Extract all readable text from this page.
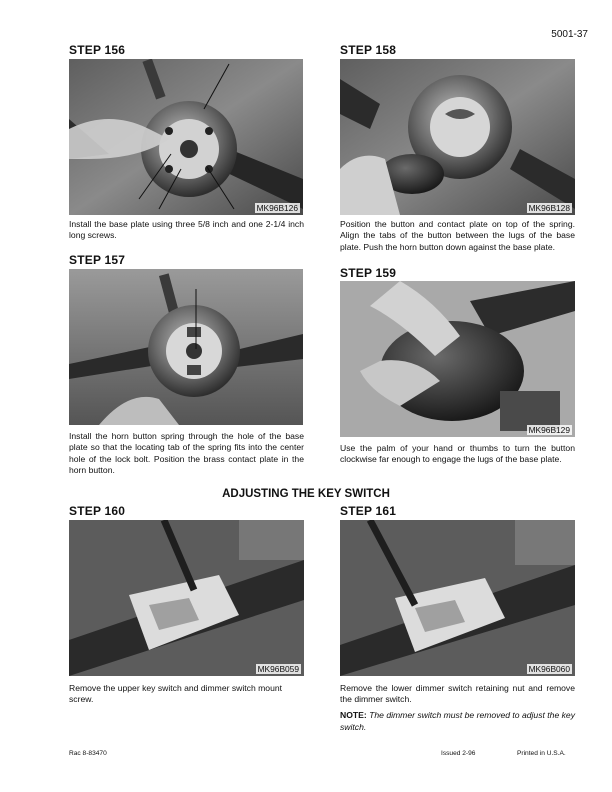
5001-37
STEP 156
MK96B126
Install the base plate using three 5/8 inch and one 2-1/4 inch long screws.
STEP 157
Install the horn button spring through the hole of the base plate so that the locating tab of the spring fits into the center hole of the lock bolt. Position the brass contact plate in the horn button.
STEP 158
MK96B128
Position the button and contact plate on top of the spring. Align the tabs of the button between the lugs of the base plate. Push the horn button down against the base plate.
STEP 159
MK96B129
Use the palm of your hand or thumbs to turn the button clockwise far enough to engage the lugs of the base plate.
ADJUSTING THE KEY SWITCH
STEP 160
MK96B059
Remove the upper key switch and dimmer switch mount screw.
STEP 161
MK96B060
Remove the lower dimmer switch retaining nut and remove the dimmer switch.
NOTE: The dimmer switch must be removed to adjust the key switch.
Rac 8-83470	Issued 2-96	Printed in U.S.A.
